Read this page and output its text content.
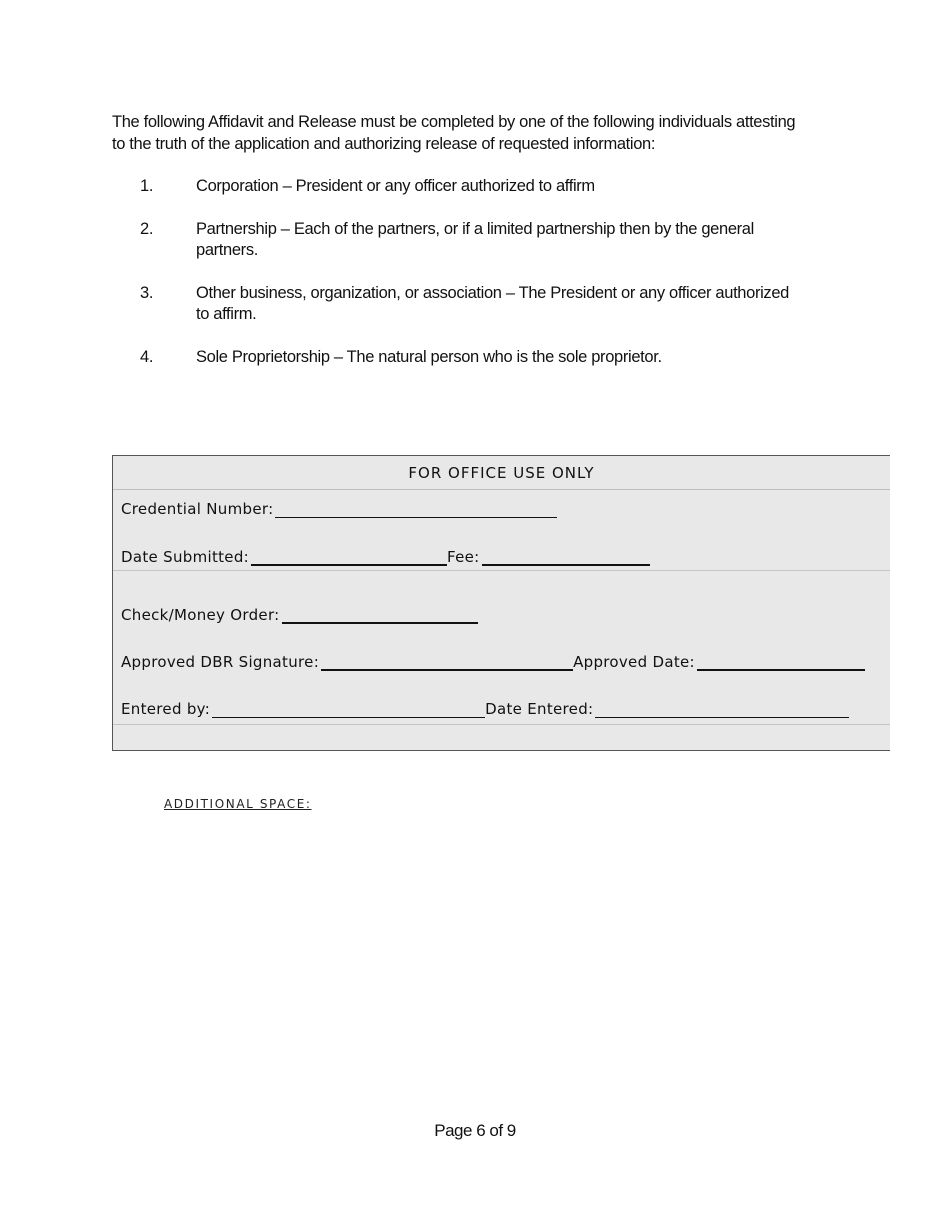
The following Affidavit and Release must be completed by one of the following individuals attesting to the truth of the application and authorizing release of requested information:

1.	Corporation – President or any officer authorized to affirm
2.	Partnership – Each of the partners, or if a limited partnership then by the general partners.
3.	Other business, organization, or association – The President or any officer authorized to affirm.
4.	Sole Proprietorship – The natural person who is the sole proprietor.
FOR OFFICE USE ONLY
Credential Number:
Date Submitted:	Fee:
Check/Money Order:
Approved DBR Signature:	Approved Date:
Entered by:	Date Entered:
ADDITIONAL SPACE:
Page 6 of 9
